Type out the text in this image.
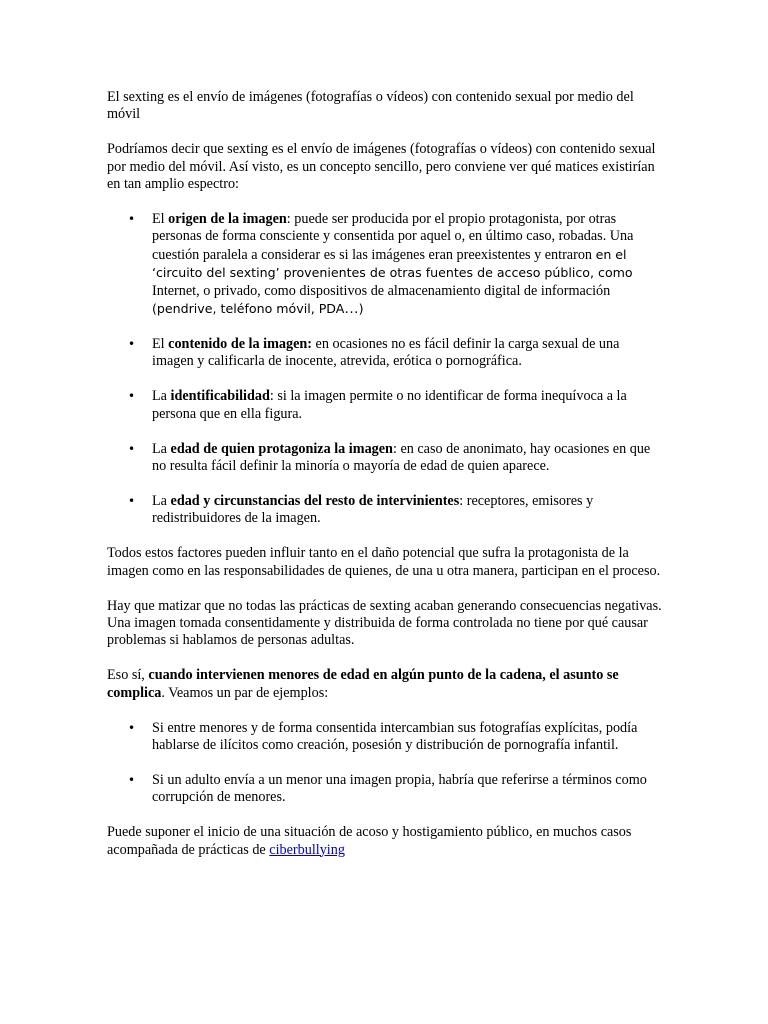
El sexting es el envío de imágenes (fotografías o vídeos) con contenido sexual por medio del móvil

Podríamos decir que sexting es el envío de imágenes (fotografías o vídeos) con contenido sexual por medio del móvil. Así visto, es un concepto sencillo, pero conviene ver qué matices existirían en tan amplio espectro:

• El origen de la imagen: puede ser producida por el propio protagonista, por otras personas de forma consciente y consentida por aquel o, en último caso, robadas. Una cuestión paralela a considerar es si las imágenes eran preexistentes y entraron en el ‘circuito del sexting’ provenientes de otras fuentes de acceso público, como Internet, o privado, como dispositivos de almacenamiento digital de información (pendrive, teléfono móvil, PDA…)
• El contenido de la imagen: en ocasiones no es fácil definir la carga sexual de una imagen y calificarla de inocente, atrevida, erótica o pornográfica.
• La identificabilidad: si la imagen permite o no identificar de forma inequívoca a la persona que en ella figura.
• La edad de quien protagoniza la imagen: en caso de anonimato, hay ocasiones en que no resulta fácil definir la minoría o mayoría de edad de quien aparece.
• La edad y circunstancias del resto de intervinientes: receptores, emisores y redistribuidores de la imagen.

Todos estos factores pueden influir tanto en el daño potencial que sufra la protagonista de la imagen como en las responsabilidades de quienes, de una u otra manera, participan en el proceso.

Hay que matizar que no todas las prácticas de sexting acaban generando consecuencias negativas. Una imagen tomada consentidamente y distribuida de forma controlada no tiene por qué causar problemas si hablamos de personas adultas.

Eso sí, cuando intervienen menores de edad en algún punto de la cadena, el asunto se complica. Veamos un par de ejemplos:

• Si entre menores y de forma consentida intercambian sus fotografías explícitas, podía hablarse de ilícitos como creación, posesión y distribución de pornografía infantil.
• Si un adulto envía a un menor una imagen propia, habría que referirse a términos como corrupción de menores.

Puede suponer el inicio de una situación de acoso y hostigamiento público, en muchos casos acompañada de prácticas de ciberbullying
